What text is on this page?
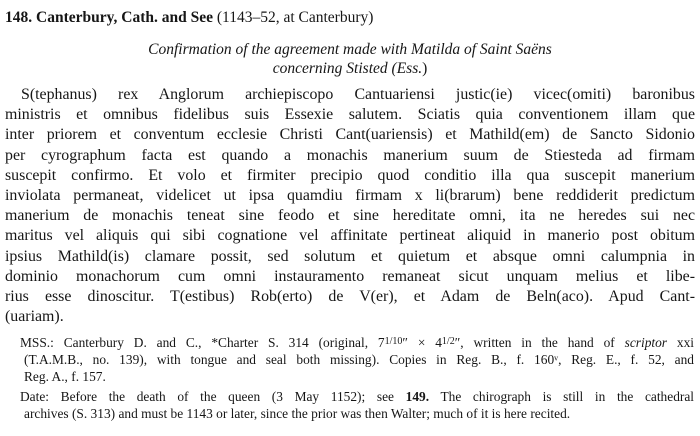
148. Canterbury, Cath. and See (1143–52, at Canterbury)
Confirmation of the agreement made with Matilda of Saint Saëns
concerning Stisted (Ess.)
S(tephanus) rex Anglorum archiepiscopo Cantuariensi justic(ie) vicec(omiti) baronibus
ministris et omnibus fidelibus suis Essexie salutem. Sciatis quia conventionem illam que
inter priorem et conventum ecclesie Christi Cant(uariensis) et Mathild(em) de Sancto Sidonio
per cyrographum facta est quando a monachis manerium suum de Stiesteda ad firmam
suscepit confirmo. Et volo et firmiter precipio quod conditio illa qua suscepit manerium
inviolata permaneat, videlicet ut ipsa quamdiu firmam x li(brarum) bene reddiderit predictum
manerium de monachis teneat sine feodo et sine hereditate omni, ita ne heredes sui nec
maritus vel aliquis qui sibi cognatione vel affinitate pertineat aliquid in manerio post obitum
ipsius Mathild(is) clamare possit, sed solutum et quietum et absque omni calumpnia in
dominio monachorum cum omni instauramento remaneat sicut unquam melius et libe-
rius esse dinoscitur. T(estibus) Rob(erto) de V(er), et Adam de Beln(aco). Apud Cant-
(uariam).
MSS.: Canterbury D. and C., *Charter S. 314 (original, $7^{1/10}'' \times 4^{1/2}''$, written in the hand of scriptor xxi
(T.A.M.B., no. 139), with tongue and seal both missing). Copies in Reg. B., f. 160ᵛ, Reg. E., f. 52, and
Reg. A., f. 157.
Date: Before the death of the queen (3 May 1152); see 149. The chirograph is still in the cathedral
archives (S. 313) and must be 1143 or later, since the prior was then Walter; much of it is here recited.
